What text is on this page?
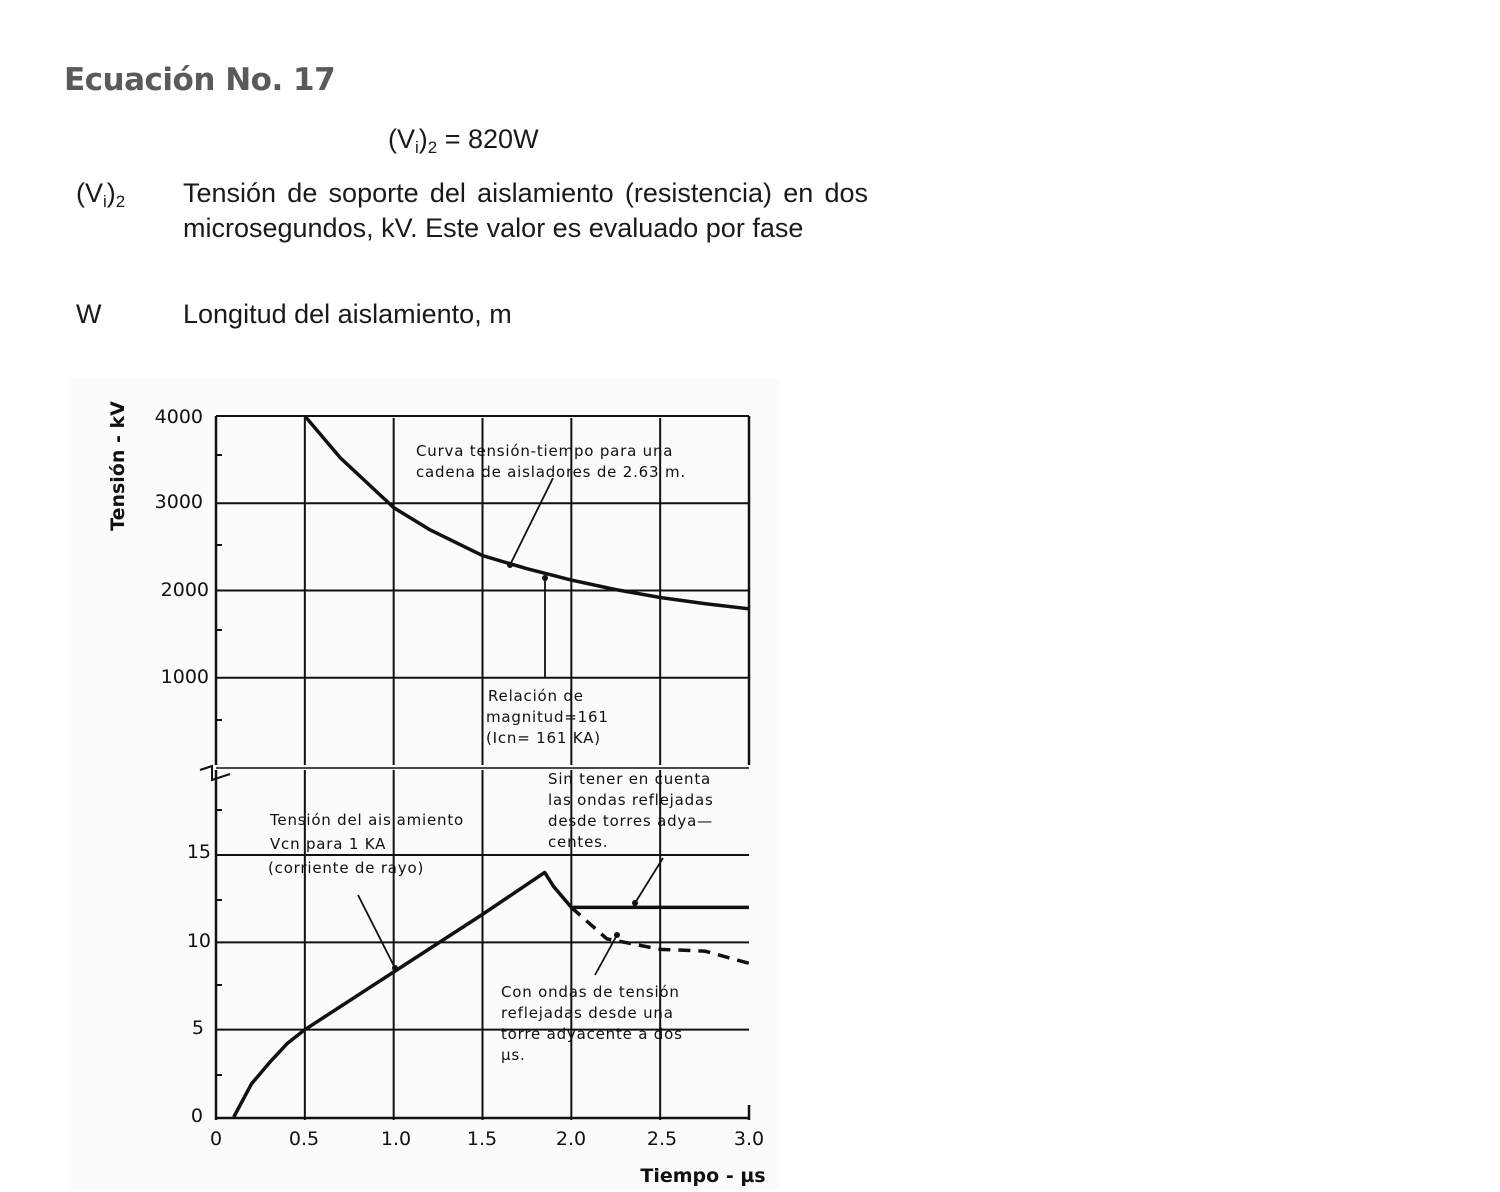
Ecuación No. 17
$(V_i)_2 = 820W$
$(V_i)_2$ Tensión de soporte del aislamiento (resistencia) en dos microsegundos, kV. Este valor es evaluado por fase
W	Longitud del aislamiento, m
4000
3000
2000
1000
15
10
5
0
0	0.5	1.0	1.5	2.0	2.5	3.0
Tensión - kV
Tiempo - µs
Curva tensión-tiempo para una
cadena de aisladores de 2.63 m.
Relación de
magnitud=161
(Icn= 161 KA)
Tensión del aislamiento
Vcn para 1 KA
(corriente de rayo)
Sin tener en cuenta
las ondas reflejadas
desde torres adya—
centes.
Con ondas de tensión
reflejadas desde una
torre adyacente a dos
µs.
